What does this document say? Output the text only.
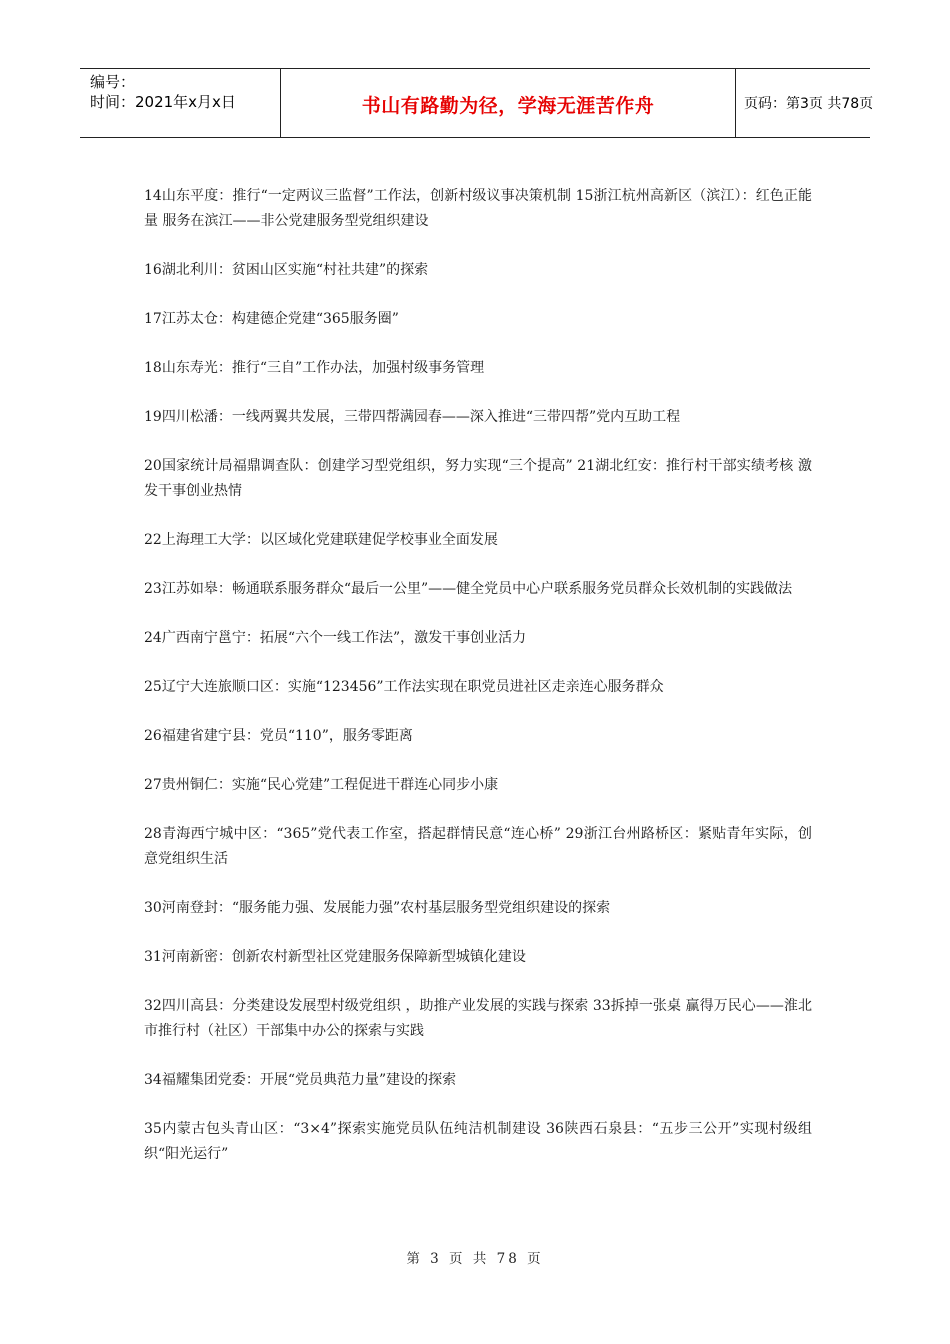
编号：
时间：2021年x月x日	书山有路勤为径，学海无涯苦作舟	页码：第3页 共78页

14山东平度：推行“一定两议三监督”工作法，创新村级议事决策机制 15浙江杭州高新区（滨江）：红色正能量 服务在滨江——非公党建服务型党组织建设

16湖北利川：贫困山区实施“村社共建”的探索

17江苏太仓：构建德企党建“365服务圈”

18山东寿光：推行“三自”工作办法，加强村级事务管理

19四川松潘：一线两翼共发展，三带四帮满园春——深入推进“三带四帮”党内互助工程

20国家统计局福鼎调查队：创建学习型党组织，努力实现“三个提高” 21湖北红安：推行村干部实绩考核 激发干事创业热情

22上海理工大学：以区域化党建联建促学校事业全面发展

23江苏如皋：畅通联系服务群众“最后一公里”——健全党员中心户联系服务党员群众长效机制的实践做法

24广西南宁邕宁：拓展“六个一线工作法”，激发干事创业活力

25辽宁大连旅顺口区：实施“123456”工作法实现在职党员进社区走亲连心服务群众

26福建省建宁县：党员“110”，服务零距离

27贵州铜仁：实施“民心党建”工程促进干群连心同步小康

28青海西宁城中区：“365”党代表工作室，搭起群情民意“连心桥” 29浙江台州路桥区：紧贴青年实际，创意党组织生活

30河南登封：“服务能力强、发展能力强”农村基层服务型党组织建设的探索

31河南新密：创新农村新型社区党建服务保障新型城镇化建设

32四川高县：分类建设发展型村级党组织 ，助推产业发展的实践与探索 33拆掉一张桌 赢得万民心——淮北市推行村（社区）干部集中办公的探索与实践

34福耀集团党委：开展“党员典范力量”建设的探索

35内蒙古包头青山区：“3×4”探索实施党员队伍纯洁机制建设 36陕西石泉县：“五步三公开”实现村级组织“阳光运行”

第 3 页 共 78 页
